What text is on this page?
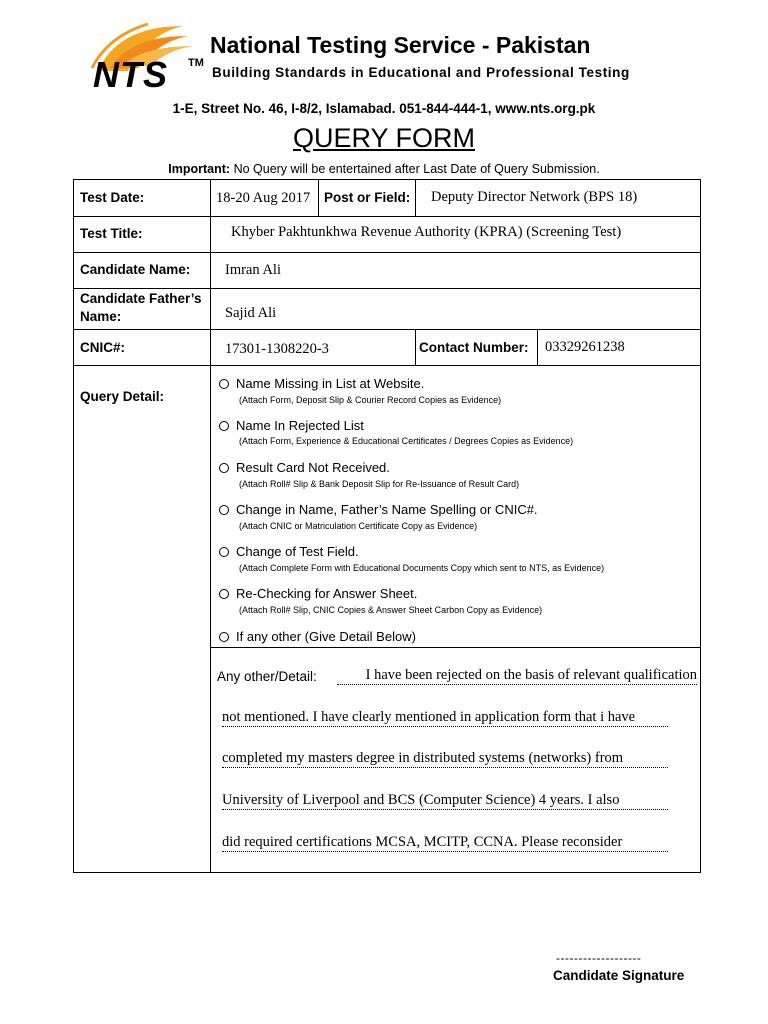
NTS TM
National Testing Service - Pakistan
Building Standards in Educational and Professional Testing
1-E, Street No. 46, I-8/2, Islamabad. 051-844-444-1, www.nts.org.pk
QUERY FORM
Important: No Query will be entertained after Last Date of Query Submission.
Test Date:	18-20 Aug 2017 Post or Field: Deputy Director Network (BPS 18)
Test Title:	Khyber Pakhtunkhwa Revenue Authority (KPRA) (Screening Test)
Candidate Name: Imran Ali
Candidate Father’s Name:	Sajid Ali
CNIC#:	17301-1308220-3	Contact Number: 03329261238
Query Detail:
Name Missing in List at Website.
(Attach Form, Deposit Slip & Courier Record Copies as Evidence)
Name In Rejected List
(Attach Form, Experience & Educational Certificates / Degrees Copies as Evidence)
Result Card Not Received.
(Attach Roll# Slip & Bank Deposit Slip for Re-Issuance of Result Card)
Change in Name, Father’s Name Spelling or CNIC#.
(Attach CNIC or Matriculation Certificate Copy as Evidence)
Change of Test Field.
(Attach Complete Form with Educational Documents Copy which sent to NTS, as Evidence)
Re-Checking for Answer Sheet.
(Attach Roll# Slip, CNIC Copies & Answer Sheet Carbon Copy as Evidence)
If any other (Give Detail Below)
Any other/Detail:	I have been rejected on the basis of relevant qualification
not mentioned. I have clearly mentioned in application form that i have
completed my masters degree in distributed systems (networks) from
University of Liverpool and BCS (Computer Science) 4 years. I also
did required certifications MCSA, MCITP, CCNA. Please reconsider
-------------------
Candidate Signature
